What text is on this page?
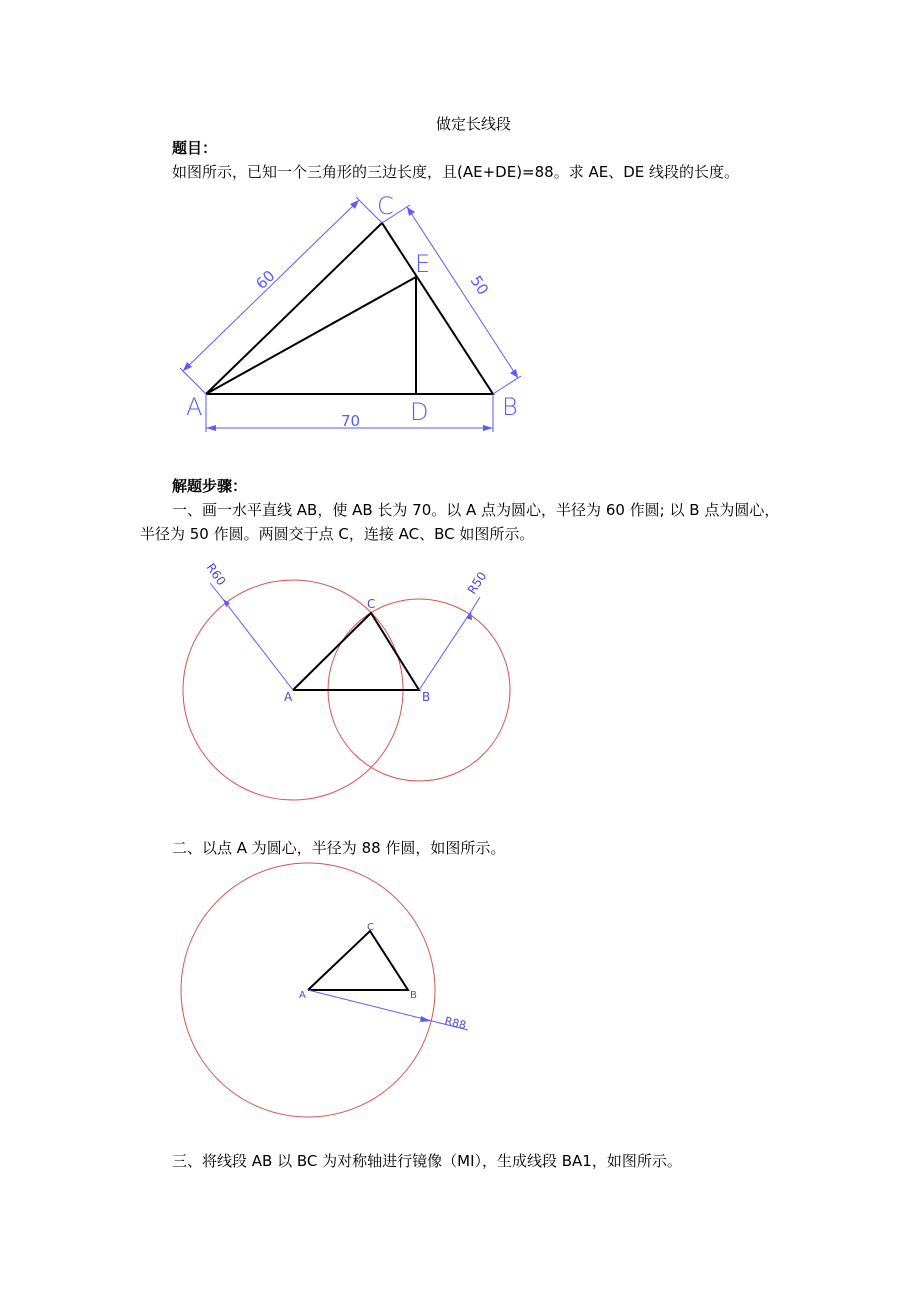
做定长线段
题目：
如图所示，已知一个三角形的三边长度，且(AE+DE)=88。求 AE、DE 线段的长度。
60	50
70
A	B
C
D
E
解题步骤：
一、画一水平直线 AB，使 AB 长为 70。以 A 点为圆心，半径为 60 作圆; 以 B 点为圆心，
半径为 50 作圆。两圆交于点 C，连接 AC、BC 如图所示。
R60	R50
A	B
C
二、以点 A 为圆心，半径为 88 作圆，如图所示。
R88
A	B
C
三、将线段 AB 以 BC 为对称轴进行镜像（MI），生成线段 BA1，如图所示。
